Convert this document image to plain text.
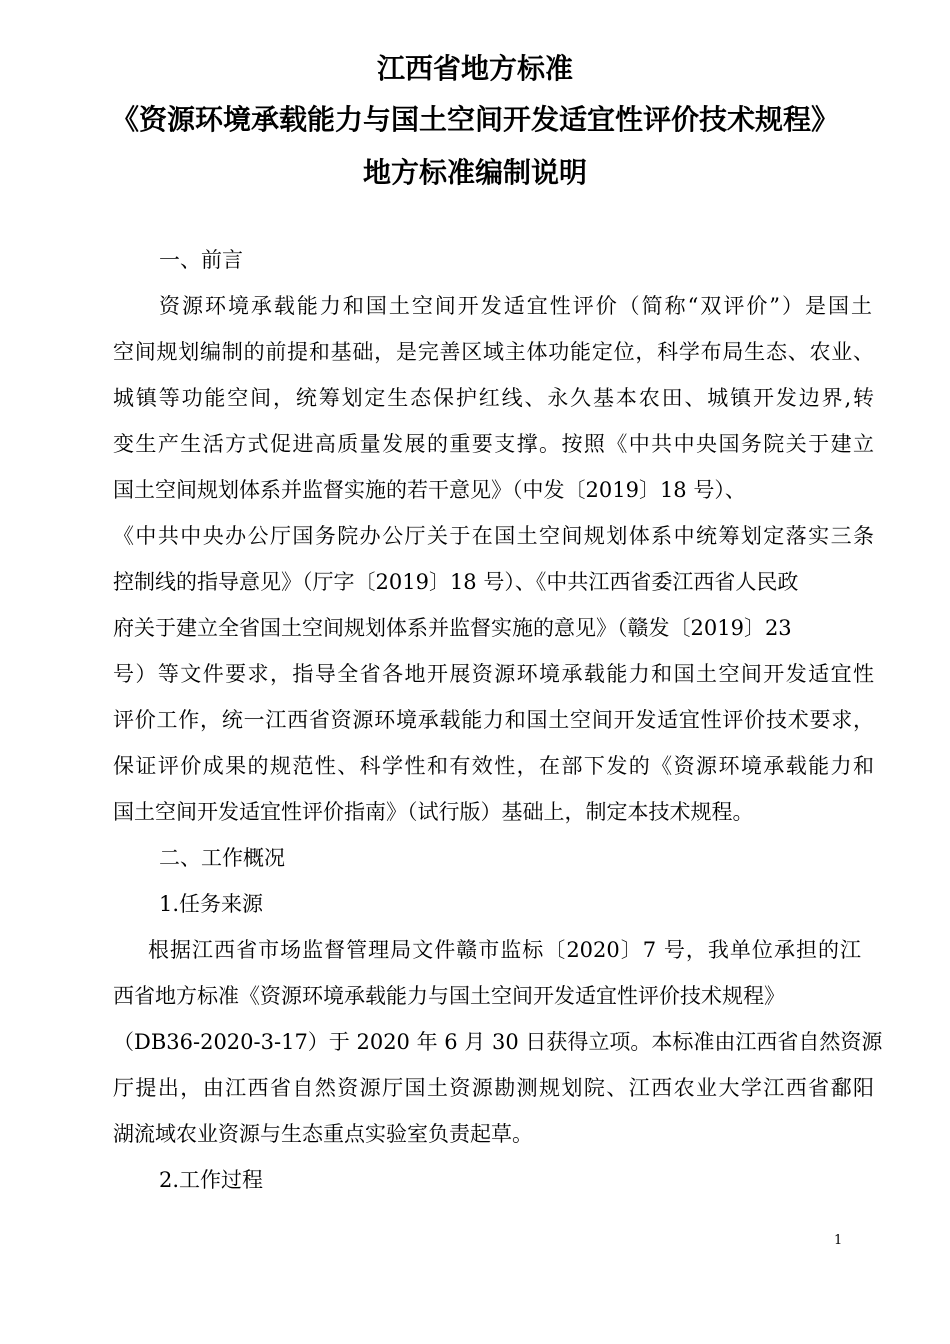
江西省地方标准
《资源环境承载能力与国土空间开发适宜性评价技术规程》
地方标准编制说明
一、前言
资源环境承载能力和国土空间开发适宜性评价（简称“双评价”）是国土
空间规划编制的前提和基础，是完善区域主体功能定位，科学布局生态、农业、
城镇等功能空间，统筹划定生态保护红线、永久基本农田、城镇开发边界,转
变生产生活方式促进高质量发展的重要支撑。按照《中共中央国务院关于建立
国土空间规划体系并监督实施的若干意见》（中发〔2019〕18 号）、
《中共中央办公厅国务院办公厅关于在国土空间规划体系中统筹划定落实三条
控制线的指导意见》（厅字〔2019〕18 号）、《中共江西省委江西省人民政
府关于建立全省国土空间规划体系并监督实施的意见》（赣发〔2019〕23
号）等文件要求，指导全省各地开展资源环境承载能力和国土空间开发适宜性
评价工作，统一江西省资源环境承载能力和国土空间开发适宜性评价技术要求，
保证评价成果的规范性、科学性和有效性，在部下发的《资源环境承载能力和
国土空间开发适宜性评价指南》（试行版）基础上，制定本技术规程。
二、工作概况
1.任务来源
根据江西省市场监督管理局文件赣市监标〔2020〕7 号，我单位承担的江
西省地方标准《资源环境承载能力与国土空间开发适宜性评价技术规程》
（DB36-2020-3-17）于 2020 年 6 月 30 日获得立项。本标准由江西省自然资源
厅提出，由江西省自然资源厅国土资源勘测规划院、江西农业大学江西省鄱阳
湖流域农业资源与生态重点实验室负责起草。
2.工作过程
1
